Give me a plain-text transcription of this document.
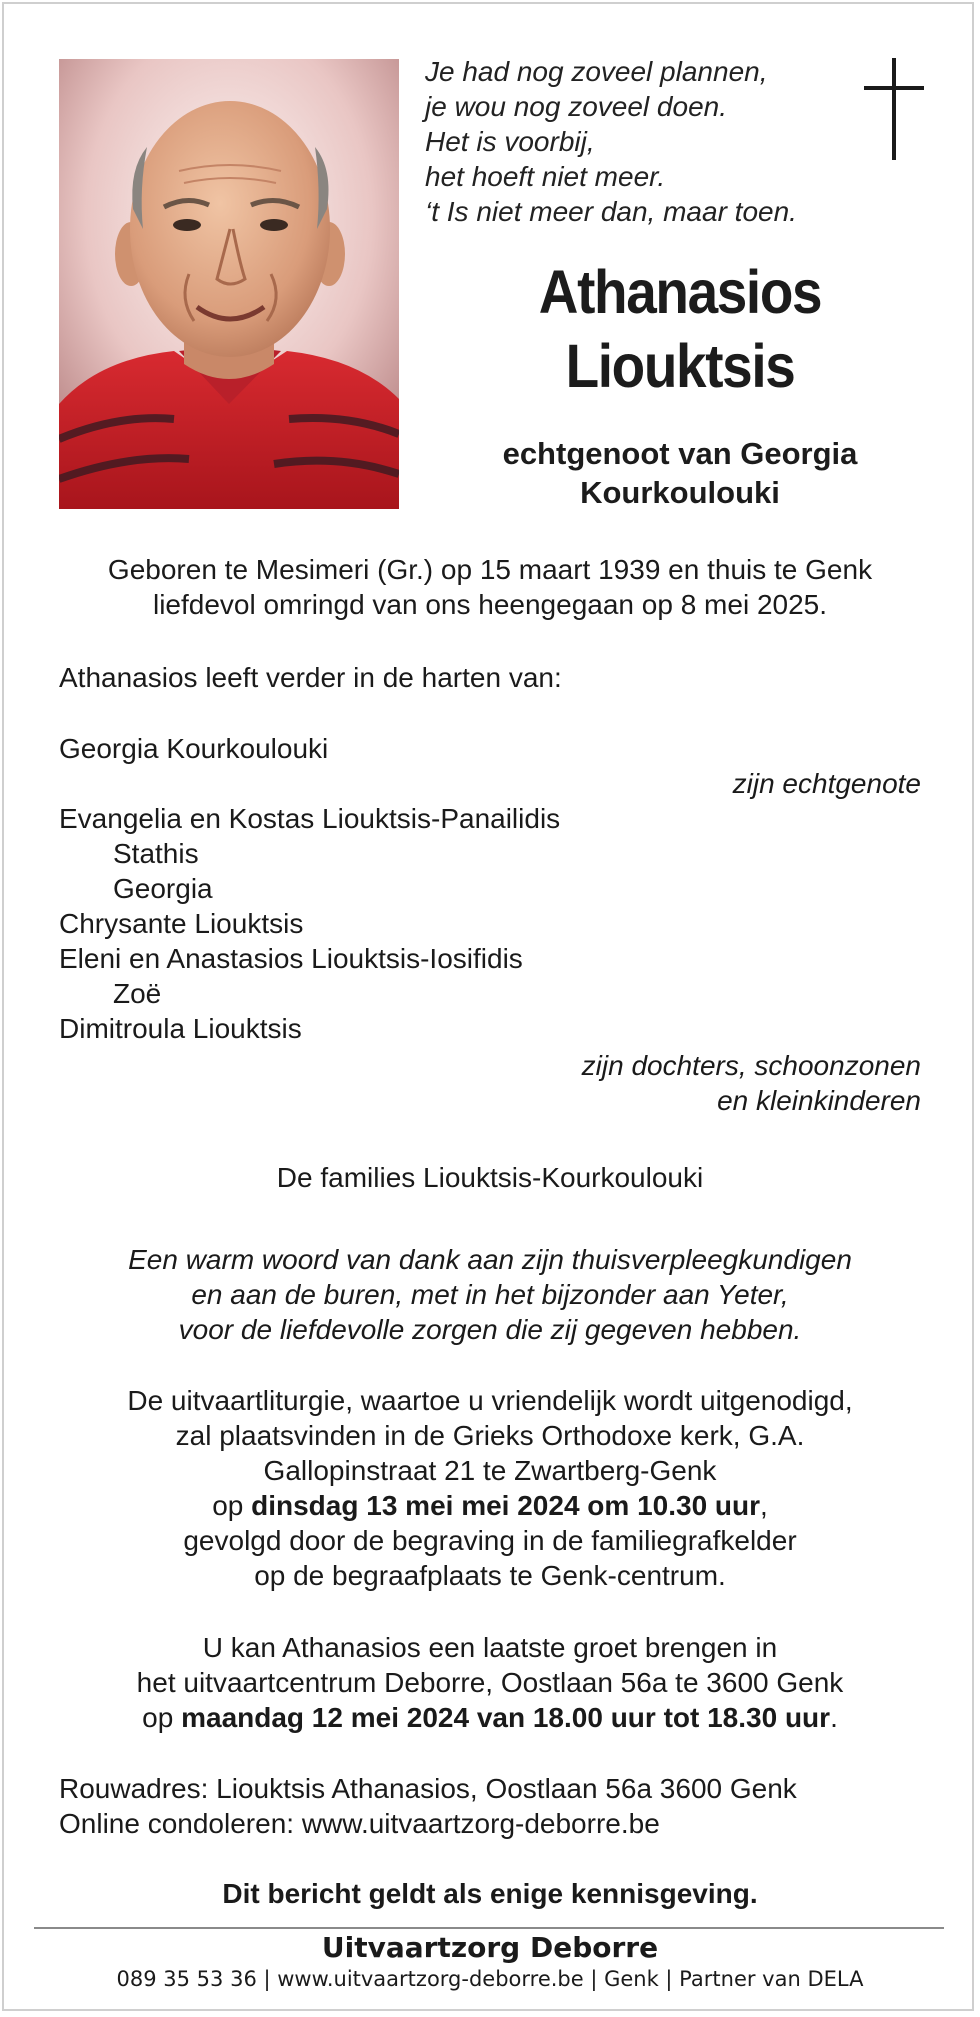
Je had nog zoveel plannen,
je wou nog zoveel doen.
Het is voorbij,
het hoeft niet meer.
‘t Is niet meer dan, maar toen.
Athanasios
Liouktsis
echtgenoot van Georgia
Kourkoulouki
Geboren te Mesimeri (Gr.) op 15 maart 1939 en thuis te Genk
liefdevol omringd van ons heengegaan op 8 mei 2025.
Athanasios leeft verder in de harten van:
Georgia Kourkoulouki
zijn echtgenote
Evangelia en Kostas Liouktsis-Panailidis
Stathis
Georgia
Chrysante Liouktsis
Eleni en Anastasios Liouktsis-Iosifidis
Zoë
Dimitroula Liouktsis
zijn dochters, schoonzonen
en kleinkinderen
De families Liouktsis-Kourkoulouki
Een warm woord van dank aan zijn thuisverpleegkundigen
en aan de buren, met in het bijzonder aan Yeter,
voor de liefdevolle zorgen die zij gegeven hebben.
De uitvaartliturgie, waartoe u vriendelijk wordt uitgenodigd,
zal plaatsvinden in de Grieks Orthodoxe kerk, G.A.
Gallopinstraat 21 te Zwartberg-Genk
op dinsdag 13 mei mei 2024 om 10.30 uur,
gevolgd door de begraving in de familiegrafkelder
op de begraafplaats te Genk-centrum.
U kan Athanasios een laatste groet brengen in
het uitvaartcentrum Deborre, Oostlaan 56a te 3600 Genk
op maandag 12 mei 2024 van 18.00 uur tot 18.30 uur.
Rouwadres: Liouktsis Athanasios, Oostlaan 56a 3600 Genk
Online condoleren: www.uitvaartzorg-deborre.be
Dit bericht geldt als enige kennisgeving.
Uitvaartzorg Deborre
089 35 53 36 | www.uitvaartzorg-deborre.be | Genk | Partner van DELA
